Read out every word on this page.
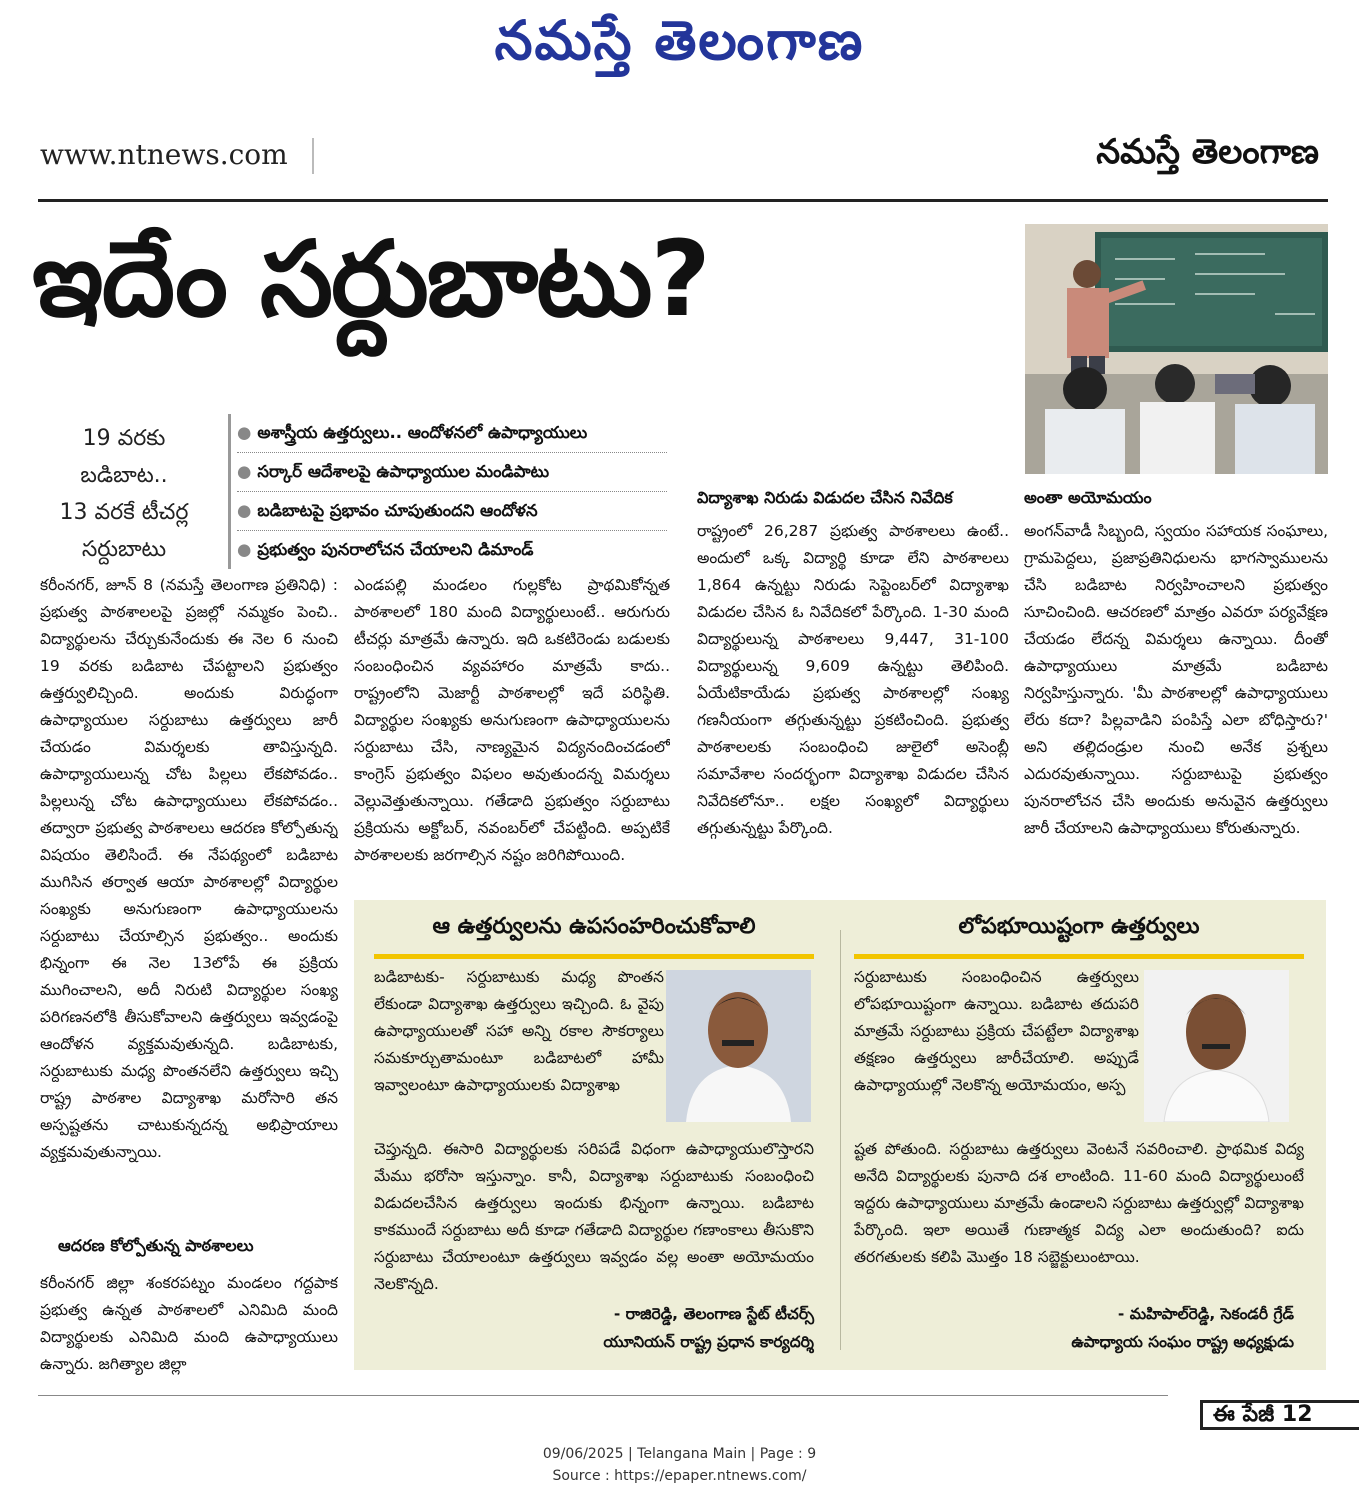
నమస్తే తెలంగాణ
www.ntnews.com	నమస్తే తెలంగాణ
ఇదేం సర్దుబాటు?
అంతా అయోమయం
19 వరకు
బడిబాట..
13 వరకే టీచర్ల
సర్దుబాటు
● అశాస్త్రీయ ఉత్తర్వులు.. ఆందోళనలో ఉపాధ్యాయులు
● సర్కార్ ఆదేశాలపై ఉపాధ్యాయుల మండిపాటు
● బడిబాటపై ప్రభావం చూపుతుందని ఆందోళన
● ప్రభుత్వం పునరాలోచన చేయాలని డిమాండ్
కరీంనగర్, జూన్ 8 (నమస్తే తెలంగాణ ప్రతినిధి) : ప్రభుత్వ పాఠశాలలపై ప్రజల్లో నమ్మకం పెంచి.. విద్యార్థులను చేర్చుకునేందుకు ఈ నెల 6 నుంచి 19 వరకు బడిబాట చేపట్టాలని ప్రభుత్వం ఉత్తర్వులిచ్చింది. అందుకు విరుద్ధంగా ఉపాధ్యాయుల సర్దుబాటు ఉత్తర్వులు జారీ చేయడం విమర్శలకు తావిస్తున్నది. ఉపాధ్యాయులున్న చోట పిల్లలు లేకపోవడం.. పిల్లలున్న చోట ఉపాధ్యాయులు లేకపోవడం.. తద్వారా ప్రభుత్వ పాఠశాలలు ఆదరణ కోల్పోతున్న విషయం తెలిసిందే. ఈ నేపథ్యంలో బడిబాట ముగిసిన తర్వాత ఆయా పాఠశాలల్లో విద్యార్థుల సంఖ్యకు అనుగుణంగా ఉపాధ్యాయులను సర్దుబాటు చేయాల్సిన ప్రభుత్వం.. అందుకు భిన్నంగా ఈ నెల 13లోపే ఈ ప్రక్రియ ముగించాలని, అదీ నిరుటి విద్యార్థుల సంఖ్య పరిగణనలోకి తీసుకోవాలని ఉత్తర్వులు ఇవ్వడంపై ఆందోళన వ్యక్తమవుతున్నది. బడిబాటకు, సర్దుబాటుకు మధ్య పొంతనలేని ఉత్తర్వులు ఇచ్చి రాష్ట్ర పాఠశాల విద్యాశాఖ మరోసారి తన అస్పష్టతను చాటుకున్నదన్న అభిప్రాయాలు వ్యక్తమవుతున్నాయి.
ఆదరణ కోల్పోతున్న పాఠశాలలు
కరీంనగర్ జిల్లా శంకరపట్నం మండలం గద్దపాక ప్రభుత్వ ఉన్నత పాఠశాలలో ఎనిమిది మంది విద్యార్థులకు ఎనిమిది మంది ఉపాధ్యాయులు ఉన్నారు. జగిత్యాల జిల్లా
ఎండపల్లి మండలం గుల్లకోట ప్రాథమికోన్నత పాఠశాలలో 180 మంది విద్యార్థులుంటే.. ఆరుగురు టీచర్లు మాత్రమే ఉన్నారు. ఇది ఒకటిరెండు బడులకు సంబంధించిన వ్యవహారం మాత్రమే కాదు.. రాష్ట్రంలోని మెజార్టీ పాఠశాలల్లో ఇదే పరిస్థితి. విద్యార్థుల సంఖ్యకు అనుగుణంగా ఉపాధ్యాయులను సర్దుబాటు చేసి, నాణ్యమైన విద్యనందించడంలో కాంగ్రెస్ ప్రభుత్వం విఫలం అవుతుందన్న విమర్శలు వెల్లువెత్తుతున్నాయి. గతేడాది ప్రభుత్వం సర్దుబాటు ప్రక్రియను అక్టోబర్, నవంబర్‌లో చేపట్టింది. అప్పటికే పాఠశాలలకు జరగాల్సిన నష్టం జరిగిపోయింది.
విద్యాశాఖ నిరుడు విడుదల చేసిన నివేదిక
రాష్ట్రంలో 26,287 ప్రభుత్వ పాఠశాలలు ఉంటే.. అందులో ఒక్క విద్యార్థి కూడా లేని పాఠశాలలు 1,864 ఉన్నట్టు నిరుడు సెప్టెంబర్‌లో విద్యాశాఖ విడుదల చేసిన ఓ నివేదికలో పేర్కొంది. 1-30 మంది విద్యార్థులున్న పాఠశాలలు 9,447, 31-100 విద్యార్థులున్న 9,609 ఉన్నట్టు తెలిపింది. ఏయేటికాయేడు ప్రభుత్వ పాఠశాలల్లో సంఖ్య గణనీయంగా తగ్గుతున్నట్టు ప్రకటించింది. ప్రభుత్వ పాఠశాలలకు సంబంధించి జులైలో అసెంబ్లీ సమావేశాల సందర్భంగా విద్యాశాఖ విడుదల చేసిన నివేదికలోనూ.. లక్షల సంఖ్యలో విద్యార్థులు తగ్గుతున్నట్టు పేర్కొంది.
అంగన్‌వాడీ సిబ్బంది, స్వయం సహాయక సంఘాలు, గ్రామపెద్దలు, ప్రజాప్రతినిధులను భాగస్వాములను చేసి బడిబాట నిర్వహించాలని ప్రభుత్వం సూచించింది. ఆచరణలో మాత్రం ఎవరూ పర్యవేక్షణ చేయడం లేదన్న విమర్శలు ఉన్నాయి. దీంతో ఉపాధ్యాయులు మాత్రమే బడిబాట నిర్వహిస్తున్నారు. 'మీ పాఠశాలల్లో ఉపాధ్యాయులు లేరు కదా? పిల్లవాడిని పంపిస్తే ఎలా బోధిస్తారు?' అని తల్లిదండ్రుల నుంచి అనేక ప్రశ్నలు ఎదురవుతున్నాయి. సర్దుబాటుపై ప్రభుత్వం పునరాలోచన చేసి అందుకు అనువైన ఉత్తర్వులు జారీ చేయాలని ఉపాధ్యాయులు కోరుతున్నారు.
ఆ ఉత్తర్వులను ఉపసంహరించుకోవాలి
బడిబాటకు- సర్దుబాటుకు మధ్య పొంతన లేకుండా విద్యాశాఖ ఉత్తర్వులు ఇచ్చింది. ఓ వైపు ఉపాధ్యాయులతో సహా అన్ని రకాల సౌకర్యాలు సమకూర్చుతామంటూ బడిబాటలో హామీ ఇవ్వాలంటూ ఉపాధ్యాయులకు విద్యాశాఖ
చెప్తున్నది. ఈసారి విద్యార్థులకు సరిపడే విధంగా ఉపాధ్యాయులొస్తారని మేము భరోసా ఇస్తున్నాం. కానీ, విద్యాశాఖ సర్దుబాటుకు సంబంధించి విడుదలచేసిన ఉత్తర్వులు ఇందుకు భిన్నంగా ఉన్నాయి. బడిబాట కాకముందే సర్దుబాటు అదీ కూడా గతేడాది విద్యార్థుల గణాంకాలు తీసుకొని సర్దుబాటు చేయాలంటూ ఉత్తర్వులు ఇవ్వడం వల్ల అంతా అయోమయం నెలకొన్నది.
- రాజిరెడ్డి, తెలంగాణ స్టేట్ టీచర్స్
యూనియన్ రాష్ట్ర ప్రధాన కార్యదర్శి
లోపభూయిష్టంగా ఉత్తర్వులు
సర్దుబాటుకు సంబంధించిన ఉత్తర్వులు లోపభూయిష్టంగా ఉన్నాయి. బడిబాట తదుపరి మాత్రమే సర్దుబాటు ప్రక్రియ చేపట్టేలా విద్యాశాఖ తక్షణం ఉత్తర్వులు జారీచేయాలి. అప్పుడే ఉపాధ్యాయుల్లో నెలకొన్న అయోమయం, అస్ప
ష్టత పోతుంది. సర్దుబాటు ఉత్తర్వులు వెంటనే సవరించాలి. ప్రాథమిక విద్య అనేది విద్యార్థులకు పునాది దశ లాంటింది. 11-60 మంది విద్యార్థులుంటే ఇద్దరు ఉపాధ్యాయులు మాత్రమే ఉండాలని సర్దుబాటు ఉత్తర్వుల్లో విద్యాశాఖ పేర్కొంది. ఇలా అయితే గుణాత్మక విద్య ఎలా అందుతుంది? ఐదు తరగతులకు కలిపి మొత్తం 18 సబ్జెక్టులుంటాయి.
- మహిపాల్‌రెడ్డి, సెకండరీ గ్రేడ్
ఉపాధ్యాయ సంఘం రాష్ట్ర అధ్యక్షుడు
ఈ పేజీ 12
09/06/2025 | Telangana Main | Page : 9
Source : https://epaper.ntnews.com/
